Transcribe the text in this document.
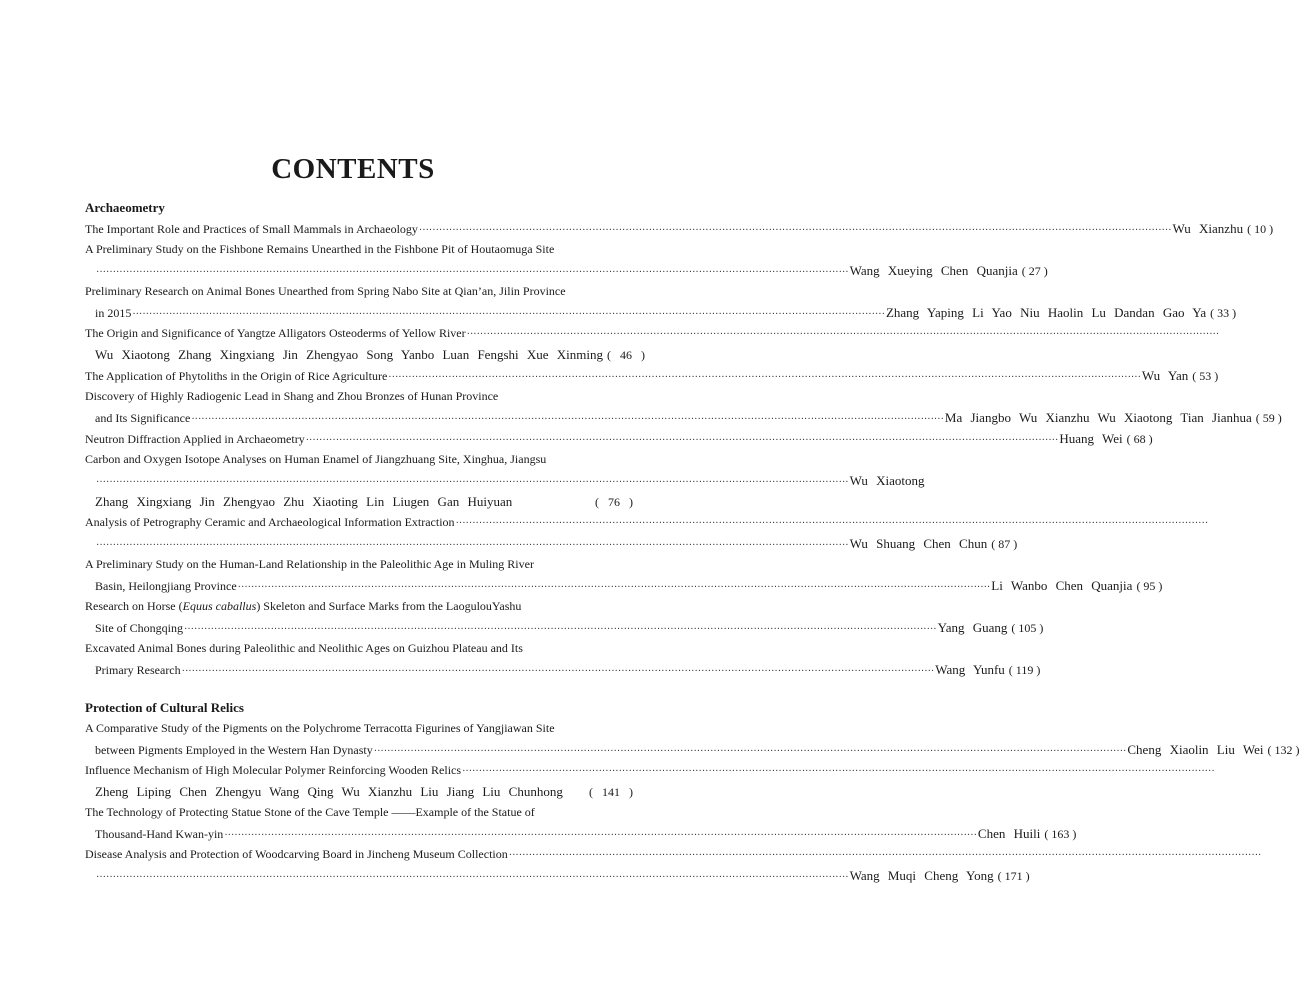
CONTENTS
Archaeometry
The Important Role and Practices of Small Mammals in Archaeology ·····	Wu Xianzhu ( 10 )
A Preliminary Study on the Fishbone Remains Unearthed in the Fishbone Pit of Houtaomuga Site
·····
Wang Xueying Chen Quanjia ( 27 )
Preliminary Research on Animal Bones Unearthed from Spring Nabo Site at Qian’an, Jilin Province
in 2015 ·····	Zhang Yaping Li Yao Niu Haolin Lu Dandan Gao Ya ( 33 )
The Origin and Significance of Yangtze Alligators Osteoderms of Yellow River
·····
Wu Xiaotong Zhang Xingxiang Jin Zhengyao Song Yanbo Luan Fengshi Xue Xinming ( 46 )
The Application of Phytoliths in the Origin of Rice Agriculture ·····	Wu Yan ( 53 )
Discovery of Highly Radiogenic Lead in Shang and Zhou Bronzes of Hunan Province
and Its Significance ·····	Ma Jiangbo Wu Xianzhu Wu Xiaotong Tian Jianhua ( 59 )
Neutron Diffraction Applied in Archaeometry ·····	Huang Wei ( 68 )
Carbon and Oxygen Isotope Analyses on Human Enamel of Jiangzhuang Site, Xinghua, Jiangsu
·····
Wu Xiaotong
Zhang Xingxiang Jin Zhengyao Zhu Xiaoting Lin Liugen Gan Huiyuan	( 76 )
Analysis of Petrography Ceramic and Archaeological Information Extraction
·····
·····
Wu Shuang Chen Chun ( 87 )
A Preliminary Study on the Human-Land Relationship in the Paleolithic Age in Muling River
Basin, Heilongjiang Province ·····	Li Wanbo Chen Quanjia ( 95 )
Research on Horse (Equus caballus) Skeleton and Surface Marks from the LaogulouYashu
Site of Chongqing ·····	Yang Guang ( 105 )
Excavated Animal Bones during Paleolithic and Neolithic Ages on Guizhou Plateau and Its
Primary Research ·····	Wang Yunfu ( 119 )
Protection of Cultural Relics
A Comparative Study of the Pigments on the Polychrome Terracotta Figurines of Yangjiawan Site
between Pigments Employed in the Western Han Dynasty ·····	Cheng Xiaolin Liu Wei ( 132 )
Influence Mechanism of High Molecular Polymer Reinforcing Wooden Relics
·····
Zheng Liping Chen Zhengyu Wang Qing Wu Xianzhu Liu Jiang Liu Chunhong	( 141 )
The Technology of Protecting Statue Stone of the Cave Temple ——Example of the Statue of
Thousand-Hand Kwan-yin ·····	Chen Huili ( 163 )
Disease Analysis and Protection of Woodcarving Board in Jincheng Museum Collection
·····
·····
Wang Muqi Cheng Yong ( 171 )
